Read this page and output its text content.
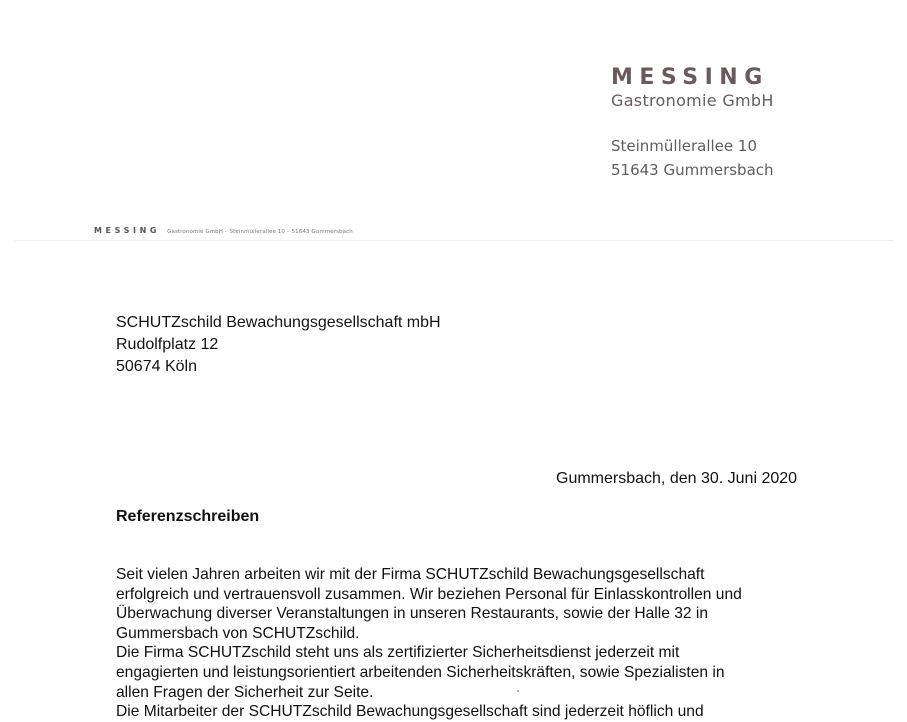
MESSING
Gastronomie GmbH
Steinmüllerallee 10
51643 Gummersbach
MESSING Gastronomie GmbH – Steinmüllerallee 10 – 51643 Gummersbach
SCHUTZschild Bewachungsgesellschaft mbH
Rudolfplatz 12
50674 Köln
Gummersbach, den 30. Juni 2020
Referenzschreiben
Seit vielen Jahren arbeiten wir mit der Firma SCHUTZschild Bewachungsgesellschaft
erfolgreich und vertrauensvoll zusammen. Wir beziehen Personal für Einlasskontrollen und
Überwachung diverser Veranstaltungen in unseren Restaurants, sowie der Halle 32 in
Gummersbach von SCHUTZschild.
Die Firma SCHUTZschild steht uns als zertifizierter Sicherheitsdienst jederzeit mit
engagierten und leistungsorientiert arbeitenden Sicherheitskräften, sowie Spezialisten in
allen Fragen der Sicherheit zur Seite.
Die Mitarbeiter der SCHUTZschild Bewachungsgesellschaft sind jederzeit höflich und
